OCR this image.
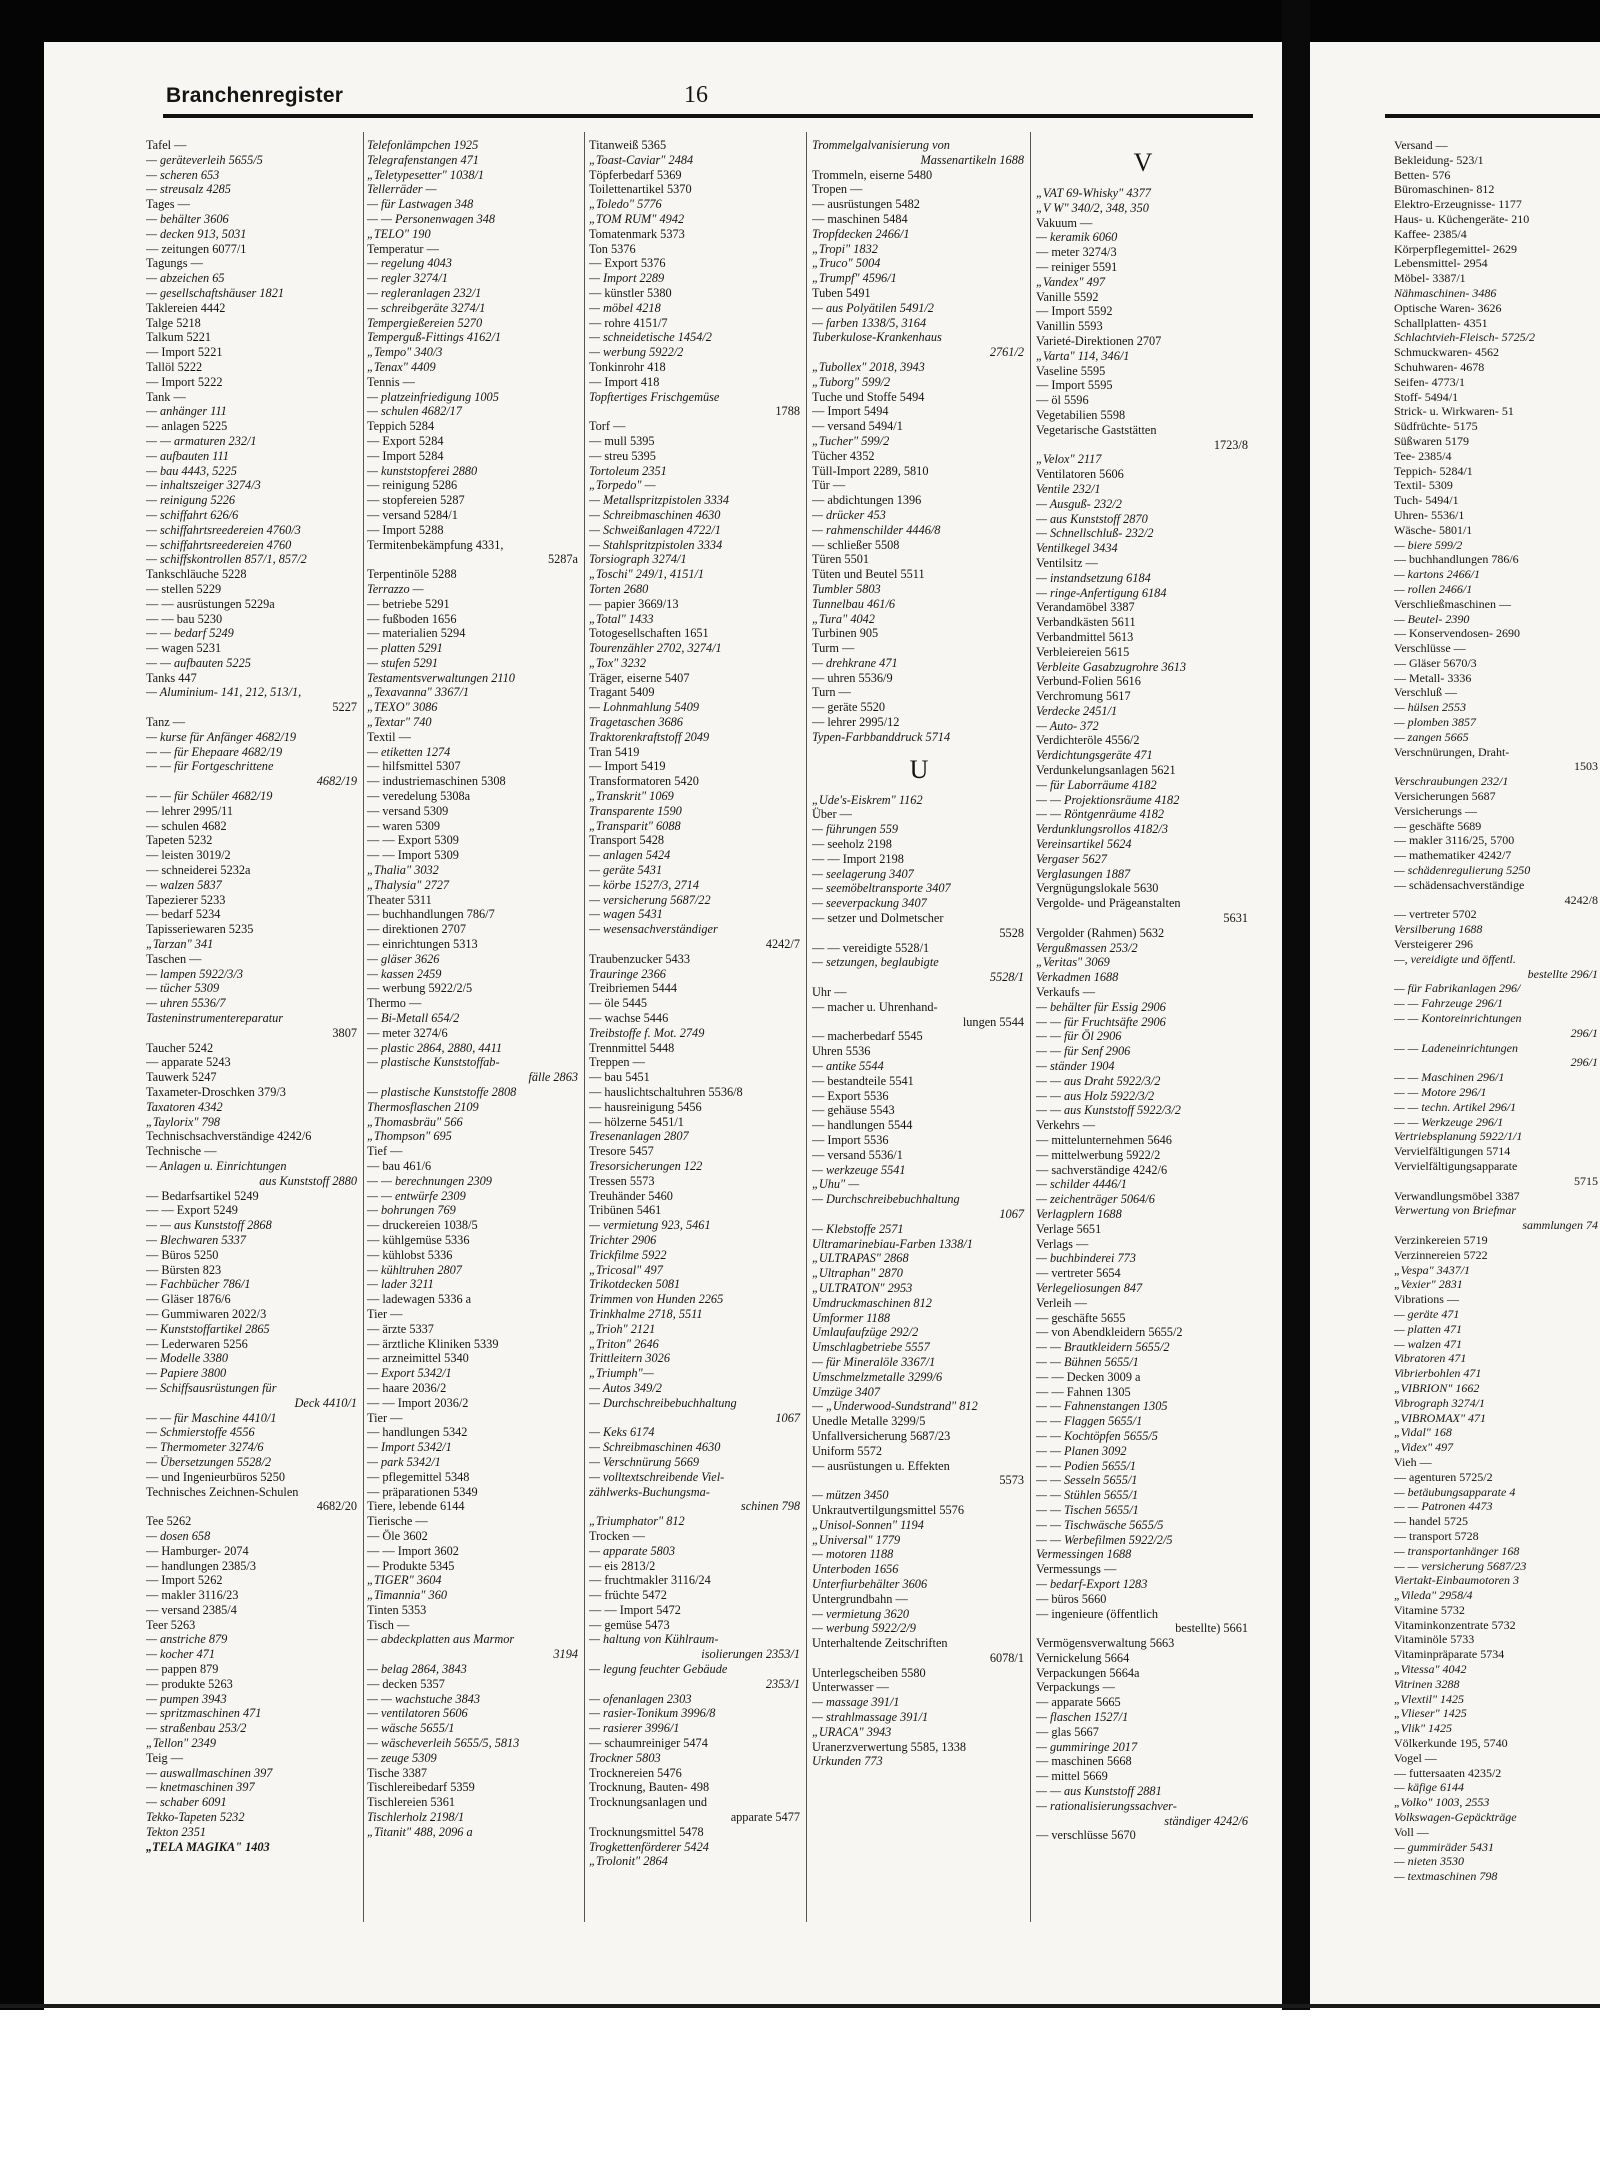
Branchenregister	16
Tafel —
— geräteverleih 5655/5
— scheren 653
— streusalz 4285
Tages —
— behälter 3606
— decken 913, 5031
— zeitungen 6077/1
Tagungs —
— abzeichen 65
— gesellschaftshäuser 1821
Taklereien 4442
Talge 5218
Talkum 5221
— Import 5221
Tallöl 5222
— Import 5222
Tank —
— anhänger 111
— anlagen 5225
— — armaturen 232/1
— aufbauten 111
— bau 4443, 5225
— inhaltszeiger 3274/3
— reinigung 5226
— schiffahrt 626/6
— schiffahrtsreedereien 4760/3
— schiffahrtsreedereien 4760
— schiffskontrollen 857/1, 857/2
Tankschläuche 5228
— stellen 5229
— — ausrüstungen 5229a
— — bau 5230
— — bedarf 5249
— wagen 5231
— — aufbauten 5225
Tanks 447
— Aluminium- 141, 212, 513/1,
5227
Tanz —
— kurse für Anfänger 4682/19
— — für Ehepaare 4682/19
— — für Fortgeschrittene
4682/19
— — für Schüler 4682/19
— lehrer 2995/11
— schulen 4682
Tapeten 5232
— leisten 3019/2
— schneiderei 5232a
— walzen 5837
Tapezierer 5233
— bedarf 5234
Tapisseriewaren 5235
„Tarzan" 341
Taschen —
— lampen 5922/3/3
— tücher 5309
— uhren 5536/7
Tasteninstrumentereparatur
3807
Taucher 5242
— apparate 5243
Tauwerk 5247
Taxameter-Droschken 379/3
Taxatoren 4342
„Taylorix" 798
Technischsachverständige 4242/6
Technische —
— Anlagen u. Einrichtungen
aus Kunststoff 2880
— Bedarfsartikel 5249
— — Export 5249
— — aus Kunststoff 2868
— Blechwaren 5337
— Büros 5250
— Bürsten 823
— Fachbücher 786/1
— Gläser 1876/6
— Gummiwaren 2022/3
— Kunststoffartikel 2865
— Lederwaren 5256
— Modelle 3380
— Papiere 3800
— Schiffsausrüstungen für
Deck 4410/1
— — für Maschine 4410/1
— Schmierstoffe 4556
— Thermometer 3274/6
— Übersetzungen 5528/2
— und Ingenieurbüros 5250
Technisches Zeichnen-Schulen
4682/20
Tee 5262
— dosen 658
— Hamburger- 2074
— handlungen 2385/3
— Import 5262
— makler 3116/23
— versand 2385/4
Teer 5263
— anstriche 879
— kocher 471
— pappen 879
— produkte 5263
— pumpen 3943
— spritzmaschinen 471
— straßenbau 253/2
„Tellon" 2349
Teig —
— auswallmaschinen 397
— knetmaschinen 397
— schaber 6091
Tekko-Tapeten 5232
Tekton 2351
„TELA MAGIKA" 1403
Telefonlämpchen 1925
Telegrafenstangen 471
„Teletypesetter" 1038/1
Tellerräder —
— für Lastwagen 348
— — Personenwagen 348
„TELO" 190
Temperatur —
— regelung 4043
— regler 3274/1
— regleranlagen 232/1
— schreibgeräte 3274/1
Tempergießereien 5270
Temperguß-Fittings 4162/1
„Tempo" 340/3
„Tenax" 4409
Tennis —
— platzeinfriedigung 1005
— schulen 4682/17
Teppich 5284
— Export 5284
— Import 5284
— kunststopferei 2880
— reinigung 5286
— stopfereien 5287
— versand 5284/1
— Import 5288
Termitenbekämpfung 4331,
5287a
Terpentinöle 5288
Terrazzo —
— betriebe 5291
— fußboden 1656
— materialien 5294
— platten 5291
— stufen 5291
Testamentsverwaltungen 2110
„Texavanna" 3367/1
„TEXO" 3086
„Textar" 740
Textil —
— etiketten 1274
— hilfsmittel 5307
— industriemaschinen 5308
— veredelung 5308a
— versand 5309
— waren 5309
— — Export 5309
— — Import 5309
„Thalia" 3032
„Thalysia" 2727
Theater 5311
— buchhandlungen 786/7
— direktionen 2707
— einrichtungen 5313
— gläser 3626
— kassen 2459
— werbung 5922/2/5
Thermo —
— Bi-Metall 654/2
— meter 3274/6
— plastic 2864, 2880, 4411
— plastische Kunststoffab-
fälle 2863
— plastische Kunststoffe 2808
Thermosflaschen 2109
„Thomasbräu" 566
„Thompson" 695
Tief —
— bau 461/6
— — berechnungen 2309
— — entwürfe 2309
— bohrungen 769
— druckereien 1038/5
— kühlgemüse 5336
— kühlobst 5336
— kühltruhen 2807
— lader 3211
— ladewagen 5336 a
Tier —
— ärzte 5337
— ärztliche Kliniken 5339
— arzneimittel 5340
— Export 5342/1
— haare 2036/2
— — Import 2036/2
Tier —
— handlungen 5342
— Import 5342/1
— park 5342/1
— pflegemittel 5348
— präparationen 5349
Tiere, lebende 6144
Tierische —
— Öle 3602
— — Import 3602
— Produkte 5345
„TIGER" 3604
„Timannia" 360
Tinten 5353
Tisch —
— abdeckplatten aus Marmor
3194
— belag 2864, 3843
— decken 5357
— — wachstuche 3843
— ventilatoren 5606
— wäsche 5655/1
— wäscheverleih 5655/5, 5813
— zeuge 5309
Tische 3387
Tischlereibedarf 5359
Tischlereien 5361
Tischlerholz 2198/1
„Titanit" 488, 2096 a
Titanweiß 5365
„Toast-Caviar" 2484
Töpferbedarf 5369
Toilettenartikel 5370
„Toledo" 5776
„TOM RUM" 4942
Tomatenmark 5373
Ton 5376
— Export 5376
— Import 2289
— künstler 5380
— möbel 4218
— rohre 4151/7
— schneidetische 1454/2
— werbung 5922/2
Tonkinrohr 418
— Import 418
Topftertiges Frischgemüse
1788
Torf —
— mull 5395
— streu 5395
Tortoleum 2351
„Torpedo" —
— Metallspritzpistolen 3334
— Schreibmaschinen 4630
— Schweißanlagen 4722/1
— Stahlspritzpistolen 3334
Torsiograph 3274/1
„Toschi" 249/1, 4151/1
Torten 2680
— papier 3669/13
„Total" 1433
Totogesellschaften 1651
Tourenzähler 2702, 3274/1
„Tox" 3232
Träger, eiserne 5407
Tragant 5409
— Lohnmahlung 5409
Tragetaschen 3686
Traktorenkraftstoff 2049
Tran 5419
— Import 5419
Transformatoren 5420
„Transkrit" 1069
Transparente 1590
„Transparit" 6088
Transport 5428
— anlagen 5424
— geräte 5431
— körbe 1527/3, 2714
— versicherung 5687/22
— wagen 5431
— wesensachverständiger
4242/7
Traubenzucker 5433
Trauringe 2366
Treibriemen 5444
— öle 5445
— wachse 5446
Treibstoffe f. Mot. 2749
Trennmittel 5448
Treppen —
— bau 5451
— hauslichtschaltuhren 5536/8
— hausreinigung 5456
— hölzerne 5451/1
Tresenanlagen 2807
Tresore 5457
Tresorsicherungen 122
Tressen 5573
Treuhänder 5460
Tribünen 5461
— vermietung 923, 5461
Trichter 2906
Trickfilme 5922
„Tricosal" 497
Trikotdecken 5081
Trimmen von Hunden 2265
Trinkhalme 2718, 5511
„Trioh" 2121
„Triton" 2646
Trittleitern 3026
„Triumph"—
— Autos 349/2
— Durchschreibebuchhaltung
1067
— Keks 6174
— Schreibmaschinen 4630
— Verschnürung 5669
— volltextschreibende Viel-
zählwerks-Buchungsma-
schinen 798
„Triumphator" 812
Trocken —
— apparate 5803
— eis 2813/2
— fruchtmakler 3116/24
— früchte 5472
— — Import 5472
— gemüse 5473
— haltung von Kühlraum-
isolierungen 2353/1
— legung feuchter Gebäude
2353/1
— ofenanlagen 2303
— rasier-Tonikum 3996/8
— rasierer 3996/1
— schaumreiniger 5474
Trockner 5803
Trocknereien 5476
Trocknung, Bauten- 498
Trocknungsanlagen und
apparate 5477
Trocknungsmittel 5478
Trogkettenförderer 5424
„Trolonit" 2864
Trommelgalvanisierung von
Massenartikeln 1688
Trommeln, eiserne 5480
Tropen —
— ausrüstungen 5482
— maschinen 5484
Tropfdecken 2466/1
„Tropi" 1832
„Truco" 5004
„Trumpf" 4596/1
Tuben 5491
— aus Polyätilen 5491/2
— farben 1338/5, 3164
Tuberkulose-Krankenhaus
2761/2
„Tubollex" 2018, 3943
„Tuborg" 599/2
Tuche und Stoffe 5494
— Import 5494
— versand 5494/1
„Tucher" 599/2
Tücher 4352
Tüll-Import 2289, 5810
Tür —
— abdichtungen 1396
— drücker 453
— rahmenschilder 4446/8
— schließer 5508
Türen 5501
Tüten und Beutel 5511
Tumbler 5803
Tunnelbau 461/6
„Tura" 4042
Turbinen 905
Turm —
— drehkrane 471
— uhren 5536/9
Turn —
— geräte 5520
— lehrer 2995/12
Typen-Farbbanddruck 5714
U
„Ude's-Eiskrem" 1162
Über —
— führungen 559
— seeholz 2198
— — Import 2198
— seelagerung 3407
— seemöbeltransporte 3407
— seeverpackung 3407
— setzer und Dolmetscher
5528
— — vereidigte 5528/1
— setzungen, beglaubigte
5528/1
Uhr —
— macher u. Uhrenhand-
lungen 5544
— macherbedarf 5545
Uhren 5536
— antike 5544
— bestandteile 5541
— Export 5536
— gehäuse 5543
— handlungen 5544
— Import 5536
— versand 5536/1
— werkzeuge 5541
„Uhu" —
— Durchschreibebuchhaltung
1067
— Klebstoffe 2571
Ultramarinebiau-Farben 1338/1
„ULTRAPAS" 2868
„Ultraphan" 2870
„ULTRATON" 2953
Umdruckmaschinen 812
Umformer 1188
Umlaufaufzüge 292/2
Umschlagbetriebe 5557
— für Mineralöle 3367/1
Umschmelzmetalle 3299/6
Umzüge 3407
— „Underwood-Sundstrand" 812
Unedle Metalle 3299/5
Unfallversicherung 5687/23
Uniform 5572
— ausrüstungen u. Effekten
5573
— mützen 3450
Unkrautvertilgungsmittel 5576
„Unisol-Sonnen" 1194
„Universal" 1779
— motoren 1188
Unterboden 1656
Unterfiurbehälter 3606
Untergrundbahn —
— vermietung 3620
— werbung 5922/2/9
Unterhaltende Zeitschriften
6078/1
Unterlegscheiben 5580
Unterwasser —
— massage 391/1
— strahlmassage 391/1
„URACA" 3943
Uranerzverwertung 5585, 1338
Urkunden 773
V
„VAT 69-Whisky" 4377
„V W" 340/2, 348, 350
Vakuum —
— keramik 6060
— meter 3274/3
— reiniger 5591
„Vandex" 497
Vanille 5592
— Import 5592
Vanillin 5593
Varieté-Direktionen 2707
„Varta" 114, 346/1
Vaseline 5595
— Import 5595
— öl 5596
Vegetabilien 5598
Vegetarische Gaststätten
1723/8
„Velox" 2117
Ventilatoren 5606
Ventile 232/1
— Ausguß- 232/2
— aus Kunststoff 2870
— Schnellschluß- 232/2
Ventilkegel 3434
Ventilsitz —
— instandsetzung 6184
— ringe-Anfertigung 6184
Verandamöbel 3387
Verbandkästen 5611
Verbandmittel 5613
Verbleiereien 5615
Verbleite Gasabzugrohre 3613
Verbund-Folien 5616
Verchromung 5617
Verdecke 2451/1
— Auto- 372
Verdichteröle 4556/2
Verdichtungsgeräte 471
Verdunkelungsanlagen 5621
— für Laborräume 4182
— — Projektionsräume 4182
— — Röntgenräume 4182
Verdunklungsrollos 4182/3
Vereinsartikel 5624
Vergaser 5627
Verglasungen 1887
Vergnügungslokale 5630
Vergolde- und Prägeanstalten
5631
Vergolder (Rahmen) 5632
Vergußmassen 253/2
„Veritas" 3069
Verkadmen 1688
Verkaufs —
— behälter für Essig 2906
— — für Fruchtsäfte 2906
— — für Öl 2906
— — für Senf 2906
— ständer 1904
— — aus Draht 5922/3/2
— — aus Holz 5922/3/2
— — aus Kunststoff 5922/3/2
Verkehrs —
— mittelunternehmen 5646
— mittelwerbung 5922/2
— sachverständige 4242/6
— schilder 4446/1
— zeichenträger 5064/6
Verlagplern 1688
Verlage 5651
Verlags —
— buchbinderei 773
— vertreter 5654
Verlegeliosungen 847
Verleih —
— geschäfte 5655
— von Abendkleidern 5655/2
— — Brautkleidern 5655/2
— — Bühnen 5655/1
— — Decken 3009 a
— — Fahnen 1305
— — Fahnenstangen 1305
— — Flaggen 5655/1
— — Kochtöpfen 5655/5
— — Planen 3092
— — Podien 5655/1
— — Sesseln 5655/1
— — Stühlen 5655/1
— — Tischen 5655/1
— — Tischwäsche 5655/5
— — Werbefilmen 5922/2/5
Vermessingen 1688
Vermessungs —
— bedarf-Export 1283
— büros 5660
— ingenieure (öffentlich
bestellte) 5661
Vermögensverwaltung 5663
Vernickelung 5664
Verpackungen 5664a
Verpackungs —
— apparate 5665
— flaschen 1527/1
— glas 5667
— gummiringe 2017
— maschinen 5668
— mittel 5669
— — aus Kunststoff 2881
— rationalisierungssachver-
ständiger 4242/6
— verschlüsse 5670
Versand —
Bekleidung- 523/1
Betten- 576
Büromaschinen- 812
Elektro-Erzeugnisse- 1177
Haus- u. Küchengeräte- 210
Kaffee- 2385/4
Körperpflegemittel- 2629
Lebensmittel- 2954
Möbel- 3387/1
Nähmaschinen- 3486
Optische Waren- 3626
Schallplatten- 4351
Schlachtvieh-Fleisch- 5725/2
Schmuckwaren- 4562
Schuhwaren- 4678
Seifen- 4773/1
Stoff- 5494/1
Strick- u. Wirkwaren- 51
Südfrüchte- 5175
Süßwaren 5179
Tee- 2385/4
Teppich- 5284/1
Textil- 5309
Tuch- 5494/1
Uhren- 5536/1
Wäsche- 5801/1
— biere 599/2
— buchhandlungen 786/6
— kartons 2466/1
— rollen 2466/1
Verschließmaschinen —
— Beutel- 2390
— Konservendosen- 2690
Verschlüsse —
— Gläser 5670/3
— Metall- 3336
Verschluß —
— hülsen 2553
— plomben 3857
— zangen 5665
Verschnürungen, Draht-
1503
Verschraubungen 232/1
Versicherungen 5687
Versicherungs —
— geschäfte 5689
— makler 3116/25, 5700
— mathematiker 4242/7
— schädenregulierung 5250
— schädensachverständige
4242/8
— vertreter 5702
Versilberung 1688
Versteigerer 296
—, vereidigte und öffentl.
bestellte 296/1
— für Fabrikanlagen 296/
— — Fahrzeuge 296/1
— — Kontoreinrichtungen
296/1
— — Ladeneinrichtungen
296/1
— — Maschinen 296/1
— — Motore 296/1
— — techn. Artikel 296/1
— — Werkzeuge 296/1
Vertriebsplanung 5922/1/1
Vervielfältigungen 5714
Vervielfältigungsapparate
5715
Verwandlungsmöbel 3387
Verwertung von Briefmar
sammlungen 74
Verzinkereien 5719
Verzinnereien 5722
„Vespa" 3437/1
„Vexier" 2831
Vibrations —
— geräte 471
— platten 471
— walzen 471
Vibratoren 471
Vibrierbohlen 471
„VIBRION" 1662
Vibrograph 3274/1
„VIBROMAX" 471
„Vidal" 168
„Videx" 497
Vieh —
— agenturen 5725/2
— betäubungsapparate 4
— — Patronen 4473
— handel 5725
— transport 5728
— transportanhänger 168
— — versicherung 5687/23
Viertakt-Einbaumotoren 3
„Vileda" 2958/4
Vitamine 5732
Vitaminkonzentrate 5732
Vitaminöle 5733
Vitaminpräparate 5734
„Vitessa" 4042
Vitrinen 3288
„Vlextil" 1425
„Vlieser" 1425
„Vlik" 1425
Völkerkunde 195, 5740
Vogel —
— futtersaaten 4235/2
— käfige 6144
„Volko" 1003, 2553
Volkswagen-Gepäckträge
Voll —
— gummiräder 5431
— nieten 3530
— textmaschinen 798
